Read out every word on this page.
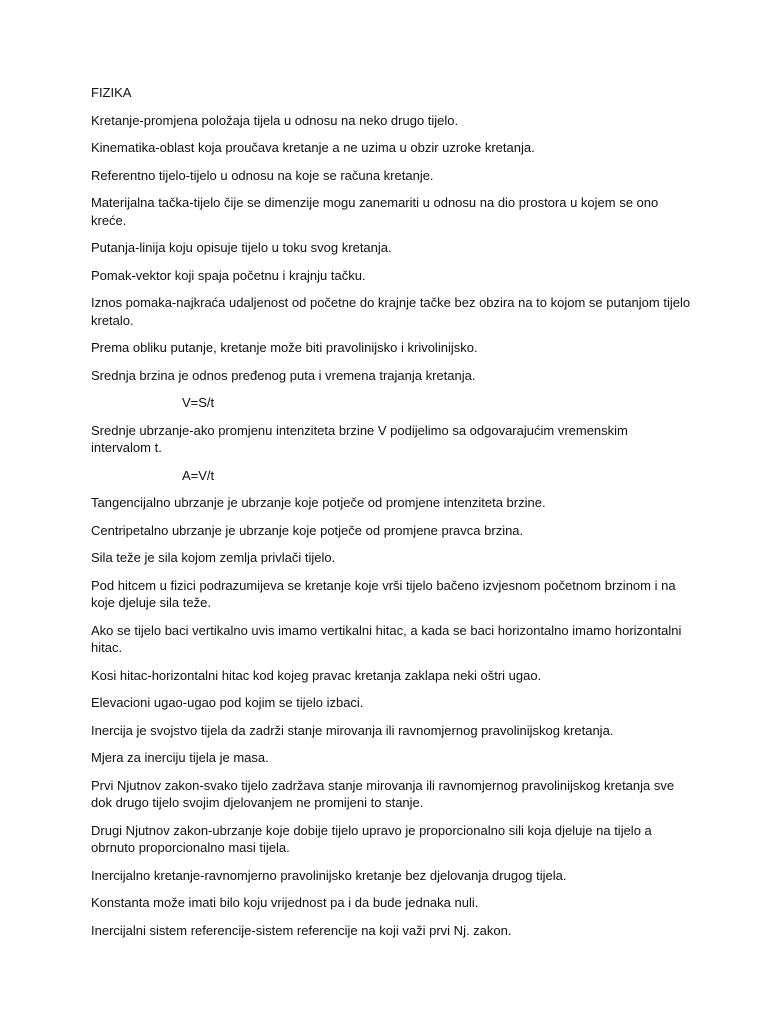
FIZIKA

Kretanje-promjena položaja tijela u odnosu na neko drugo tijelo.

Kinematika-oblast koja proučava kretanje a ne uzima u obzir uzroke kretanja.

Referentno tijelo-tijelo u odnosu na koje se računa kretanje.

Materijalna tačka-tijelo čije se dimenzije mogu zanemariti u odnosu na dio prostora u kojem se ono kreće.

Putanja-linija koju opisuje tijelo u toku svog kretanja.

Pomak-vektor koji spaja početnu i krajnju tačku.

Iznos pomaka-najkraća udaljenost od početne do krajnje tačke bez obzira na to kojom se putanjom tijelo kretalo.

Prema obliku putanje, kretanje može biti pravolinijsko i krivolinijsko.

Srednja brzina je odnos pređenog puta i vremena trajanja kretanja.

V=S/t

Srednje ubrzanje-ako promjenu intenziteta brzine V podijelimo sa odgovarajućim vremenskim intervalom t.

A=V/t

Tangencijalno ubrzanje je ubrzanje koje potječe od promjene intenziteta brzine.

Centripetalno ubrzanje je ubrzanje koje potječe od promjene pravca brzina.

Sila teže je sila kojom zemlja privlači tijelo.

Pod hitcem u fizici podrazumijeva se kretanje koje vrši tijelo bačeno izvjesnom početnom brzinom i na koje djeluje sila teže.

Ako se tijelo baci vertikalno uvis imamo vertikalni hitac, a kada se baci horizontalno imamo horizontalni hitac.

Kosi hitac-horizontalni hitac kod kojeg pravac kretanja zaklapa neki oštri ugao.

Elevacioni ugao-ugao pod kojim se tijelo izbaci.

Inercija je svojstvo tijela da zadrži stanje mirovanja ili ravnomjernog pravolinijskog kretanja.

Mjera za inerciju tijela je masa.

Prvi Njutnov zakon-svako tijelo zadržava stanje mirovanja ili ravnomjernog pravolinijskog kretanja sve dok drugo tijelo svojim djelovanjem ne promijeni to stanje.

Drugi Njutnov zakon-ubrzanje koje dobije tijelo upravo je proporcionalno sili koja djeluje na tijelo a obrnuto proporcionalno masi tijela.

Inercijalno kretanje-ravnomjerno pravolinijsko kretanje bez djelovanja drugog tijela.

Konstanta može imati bilo koju vrijednost pa i da bude jednaka nuli.

Inercijalni sistem referencije-sistem referencije na koji važi prvi Nj. zakon.
